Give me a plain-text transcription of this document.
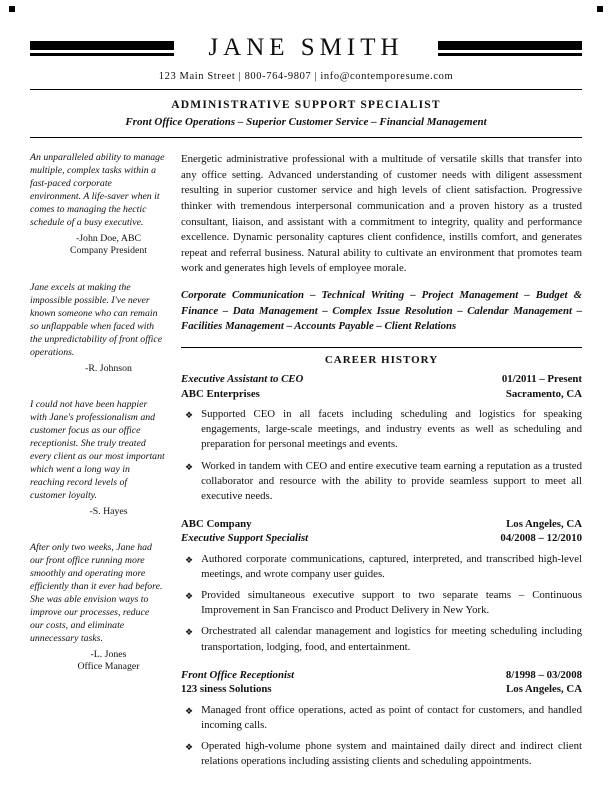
JANE SMITH
123 Main Street | 800-764-9807 | info@contemporesume.com
ADMINISTRATIVE SUPPORT SPECIALIST
Front Office Operations – Superior Customer Service – Financial Management
An unparalleled ability to manage multiple, complex tasks within a fast-paced corporate environment. A life-saver when it comes to managing the hectic schedule of a busy executive.
-John Doe, ABC
Company President
Jane excels at making the impossible possible. I've never known someone who can remain so unflappable when faced with the unpredictability of front office operations.
-R. Johnson
I could not have been happier with Jane's professionalism and customer focus as our office receptionist. She truly treated every client as our most important which went a long way in reaching record levels of customer loyalty.
-S. Hayes
After only two weeks, Jane had our front office running more smoothly and operating more efficiently than it ever had before. She was able envision ways to improve our processes, reduce our costs, and eliminate unnecessary tasks.
-L. Jones
Office Manager

Energetic administrative professional with a multitude of versatile skills that transfer into any office setting. Advanced understanding of customer needs with diligent assessment resulting in superior customer service and high levels of client satisfaction. Progressive thinker with tremendous interpersonal communication and a proven history as a trusted consultant, liaison, and assistant with a commitment to integrity, quality and performance excellence. Dynamic personality captures client confidence, instills comfort, and generates repeat and referral business. Natural ability to cultivate an environment that promotes team work and generates high levels of employee morale.

Corporate Communication – Technical Writing – Project Management – Budget & Finance – Data Management – Complex Issue Resolution – Calendar Management – Facilities Management – Accounts Payable – Client Relations

CAREER HISTORY
Executive Assistant to CEO	01/2011 – Present
ABC Enterprises	Sacramento, CA
❖
Supported CEO in all facets including scheduling and logistics for speaking engagements, large-scale meetings, and industry events as well as scheduling and preparation for personal meetings and events.
❖
Worked in tandem with CEO and entire executive team earning a reputation as a trusted collaborator and resource with the ability to provide seamless support to meet all executive needs.
ABC Company	Los Angeles, CA
Executive Support Specialist	04/2008 – 12/2010
❖
Authored corporate communications, captured, interpreted, and transcribed high-level meetings, and wrote company user guides.
❖
Provided simultaneous executive support to two separate teams – Continuous Improvement in San Francisco and Product Delivery in New York.
❖
Orchestrated all calendar management and logistics for meeting scheduling including transportation, lodging, food, and entertainment.
Front Office Receptionist	8/1998 – 03/2008
123 siness Solutions	Los Angeles, CA
❖
Managed front office operations, acted as point of contact for customers, and handled incoming calls.
❖
Operated high-volume phone system and maintained daily direct and indirect client relations operations including assisting clients and scheduling appointments.
